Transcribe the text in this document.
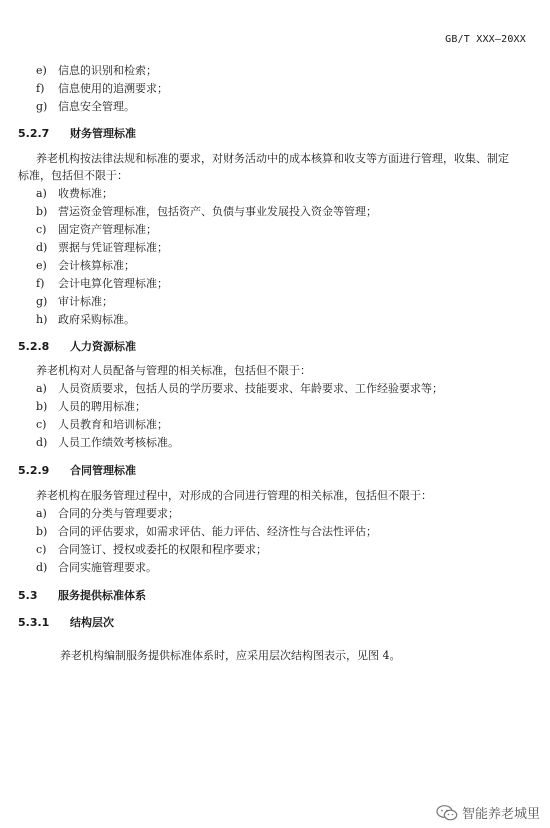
GB/T XXX—20XX
e) 信息的识别和检索；
f) 信息使用的追溯要求；
g) 信息安全管理。
5.2.7 财务管理标准
养老机构按法律法规和标准的要求，对财务活动中的成本核算和收支等方面进行管理，收集、制定
标准，包括但不限于：
a) 收费标准；
b) 营运资金管理标准，包括资产、负债与事业发展投入资金等管理；
c) 固定资产管理标准；
d) 票据与凭证管理标准；
e) 会计核算标准；
f) 会计电算化管理标准；
g) 审计标准；
h) 政府采购标准。
5.2.8 人力资源标准
养老机构对人员配备与管理的相关标准，包括但不限于：
a) 人员资质要求，包括人员的学历要求、技能要求、年龄要求、工作经验要求等；
b) 人员的聘用标准；
c) 人员教育和培训标准；
d) 人员工作绩效考核标准。
5.2.9 合同管理标准
养老机构在服务管理过程中，对形成的合同进行管理的相关标准，包括但不限于：
a) 合同的分类与管理要求；
b) 合同的评估要求，如需求评估、能力评估、经济性与合法性评估；
c) 合同签订、授权或委托的权限和程序要求；
d) 合同实施管理要求。
5.3 服务提供标准体系
5.3.1 结构层次
养老机构编制服务提供标准体系时，应采用层次结构图表示，见图 4。
智能养老城里
